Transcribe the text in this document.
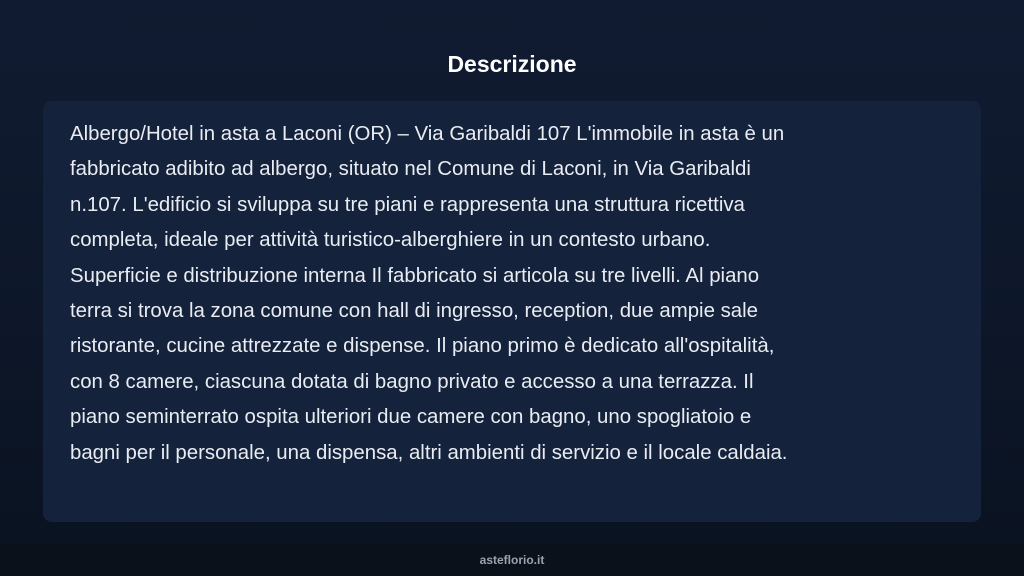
Descrizione

Albergo/Hotel in asta a Laconi (OR) – Via Garibaldi 107 L'immobile in asta è un
fabbricato adibito ad albergo, situato nel Comune di Laconi, in Via Garibaldi
n.107. L'edificio si sviluppa su tre piani e rappresenta una struttura ricettiva
completa, ideale per attività turistico-alberghiere in un contesto urbano.
Superficie e distribuzione interna Il fabbricato si articola su tre livelli. Al piano
terra si trova la zona comune con hall di ingresso, reception, due ampie sale
ristorante, cucine attrezzate e dispense. Il piano primo è dedicato all'ospitalità,
con 8 camere, ciascuna dotata di bagno privato e accesso a una terrazza. Il
piano seminterrato ospita ulteriori due camere con bagno, uno spogliatoio e
bagni per il personale, una dispensa, altri ambienti di servizio e il locale caldaia.

asteflorio.it
